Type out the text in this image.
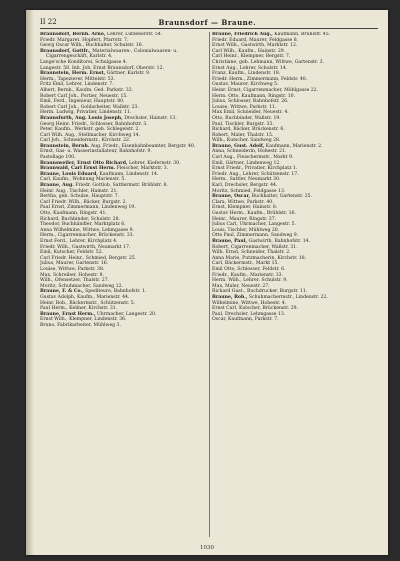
II 22	Braunsdorf — Braune.

Braunsdorf, Bernh. Arno, Lehrer, Lützenerstr. 54.

Friedr. Margaret. Hopfert, Pfarrstr. 7.

Georg Oscar Wilh., Buchhalter, Schulstr. 16.

Braunsdorf, Gottfr., Materialwaaren-, Colonialwaaren- u. Cigarrengeschäft, Karlstr. 4.

Lange'sche Konditorei, Schulgasse 4.

Langestr. 58. Inh. Joh. Ernst Braunsdorf, Oberstr. 12.

Braunstein, Herm. Ernst, Gärtner, Karlstr. 9.

Herm., Tapezierer, Mittelstr. 53.

Fritz Emil, Lehrer, Lindenstr. 7.

Albert, Bernh., Kaufm. Ged. Parkstr. 32.

Robert Carl Joh., Portier, Neuestr. 15.

Emil, Ferd., Ingenieur, Hauptstr. 80.

Robert Carl Joh., Goldarbeiter, Wallstr. 23.

Herm. Ludwig, Privatier, Lindenstr. 11.

Braunsfurth, Aug. Louis Joseph, Drechsler, Hainstr. 13.

Georg Heinr. Friedr., Schlosser, Bahnhofstr. 3.

Peter, Kaufm., Werkstr. geb. Schlegelstr. 2.

Carl Wilh. Aug., Stellmacher, Kirchweg 14.

Carl Joh., Schneidermstr., Kirchstr. 22.

Braunstein, Bernh. Aug. Friedr., Eisenbahnbeamter, Bergstr. 40.

Ernst, Gas- u. Wasserinstallateur, Bahnhofstr. 9.

Pastellage 100.

Braunsweiler, Ernst Otto Richard, Lehrer, Kiefernstr. 30.

Braunwald, Carl Ernst Herm. Fleischer, Marktstr. 3.

Braune, Louis Eduard, Kaufmann, Lindenstr. 14.

Carl, Kaufm., Wohnung Marienstr. 5.

Braune, Aug. Friedr. Gottlob, Sattlermstr. Brühlstr. 8.

Heinr. Aug., Tischler, Hainstr. 21.

Bertha, geb. Schulze, Hauptstr. 7.

Carl Friedr. Wilh., Bäcker, Burgstr. 2.

Paul Ernst, Zimmermann, Lindenweg 19.

Otto, Kaufmann, Ringstr. 41.

Richard, Buchbinder, Schulstr. 28.

Theodor, Buchhändler, Marktplatz 6.

Anna Wilhelmine, Wittwe, Lehmgasse 9.

Herm., Cigarrenmacher, Brückenstr. 33.

Ernst Ferd., Lehrer, Kirchplatz 4.

Friedr. Wilh., Gastwirth, Neumarkt 17.

Emil, Kutscher, Feldstr. 52.

Carl Friedr. Heinr., Schmied, Bergstr. 25.

Julius, Maurer, Gartenstr. 16.

Louise, Wittwe, Parkstr. 38.

Max, Schreiber, Hohestr. 9.

Wilh., Ofensetzer, Thalstr. 27.

Moritz, Schuhmacher, Sandweg 12.

Braune, F. & Co., Spediteure, Bahnhofstr. 1.

Gustav Adolph, Kaufm., Marienstr. 44.

Heinr. Rob., Bäckermstr., Schützenstr. 5.

Paul Herm., Kellner, Kirchstr. 31.

Braune, Ernst Herm., Uhrmacher, Langestr. 20.

Ernst Wilh., Klempner, Lindenstr. 36.

Bruno, Fabrikarbeiter, Mühlweg 3.

Braune, Friedrich Aug., Kaufmann, Brühlstr. 45.

Friedr. Eduard, Maurer, Feldgasse 8.

Ernst Wilh., Gastwirth, Marktstr. 12.

Carl Wilh., Kaufm., Hainstr. 29.

Carl Heinr., Klempner, Bergstr. 7.

Christiane, geb. Lehmann, Wittwe, Gartenstr. 3.

Ernst Aug., Lehrer, Schulstr. 14.

Franz, Kaufm., Lindenstr. 18.

Friedr. Herm., Zimmermann, Feldstr. 40.

Gustav, Maurer, Kirchweg 5.

Heinr. Ernst, Cigarrenmacher, Mühlgasse 22.

Herm. Otto, Kaufmann, Ringstr. 10.

Julius, Schlosser, Bahnhofstr. 26.

Louise, Wittwe, Parkstr. 11.

Max Emil, Schneider, Neuestr. 4.

Otto, Buchbinder, Wallstr. 19.

Paul, Tischler, Burgstr. 33.

Richard, Bäcker, Brückenstr. 6.

Robert, Maler, Thalstr. 15.

Wilh., Kutscher, Sandweg 28.

Braune, Gust. Adolf, Kaufmann, Marienstr. 2.

Anna, Schneiderin, Hohestr. 21.

Carl Aug., Fleischermstr., Markt 9.

Emil, Gärtner, Lindenweg 12.

Ernst Friedr., Privatier, Kirchplatz 1.

Friedr. Aug., Lehrer, Schützenstr. 17.

Herm., Sattler, Neumarkt 30.

Karl, Drechsler, Bergstr. 44.

Moritz, Schmied, Feldgasse 13.

Braune, Oscar, Buchhalter, Gartenstr. 25.

Clara, Wittwe, Parkstr. 40.

Ernst, Klempner, Hainstr. 8.

Gustav Herm., Kaufm., Brühlstr. 16.

Heinr., Maurer, Ringstr. 37.

Julius Carl, Uhrmacher, Langestr. 5.

Louis, Tischler, Mühlweg 20.

Otto Paul, Zimmermann, Sandweg 9.

Braune, Paul, Gastwirth, Bahnhofstr. 14.

Robert, Cigarrenmacher, Wallstr. 31.

Wilh. Ernst, Schneider, Thalstr. 2.

Anna Marie, Putzmacherin, Kirchstr. 18.

Carl, Bäckermstr., Markt 15.

Emil Otto, Schlosser, Feldstr. 6.

Friedr., Kaufm., Marienstr. 33.

Herm. Wilh., Lehrer, Schulstr. 9.

Max, Maler, Neuestr. 27.

Richard Gust., Buchdrucker, Burgstr. 11.

Braune, Rob., Schuhmachermstr., Lindenstr. 22.

Wilhelmine, Wittwe, Hohestr. 4.

Ernst Carl, Kutscher, Brückenstr. 29.

Paul, Drechsler, Lehmgasse 13.

Oscar, Kaufmann, Parkstr. 7.

1030
